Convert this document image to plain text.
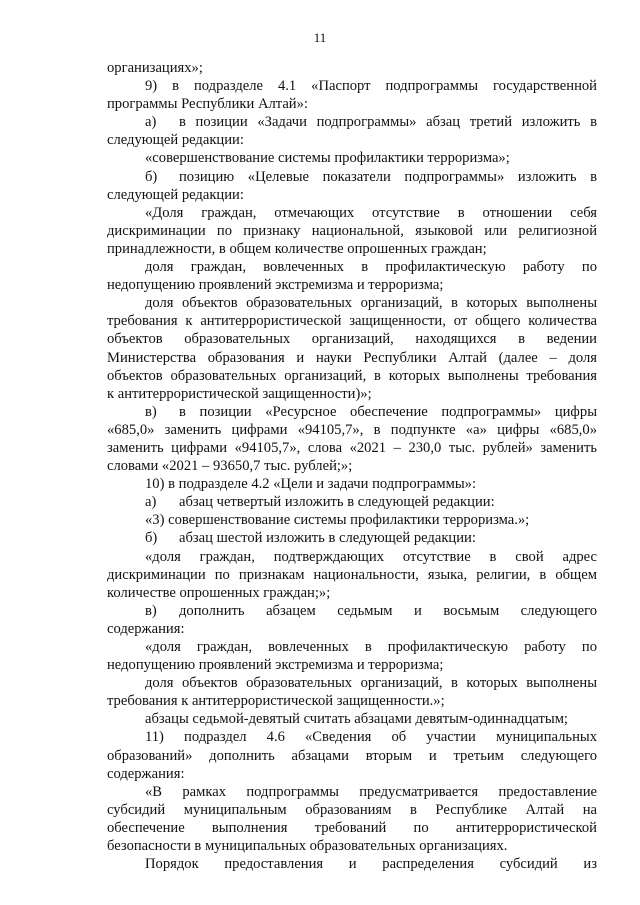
11
организациях»;
9) в подразделе 4.1 «Паспорт подпрограммы государственной
программы Республики Алтай»:
а)	в позиции «Задачи подпрограммы» абзац третий изложить в
следующей редакции:
«совершенствование системы профилактики терроризма»;
б)	позицию «Целевые показатели подпрограммы» изложить в
следующей редакции:
«Доля граждан, отмечающих отсутствие в отношении себя
дискриминации по признаку национальной, языковой или религиозной
принадлежности, в общем количестве опрошенных граждан;
доля граждан, вовлеченных в профилактическую работу по
недопущению проявлений экстремизма и терроризма;
доля объектов образовательных организаций, в которых выполнены
требования к антитеррористической защищенности, от общего количества
объектов образовательных организаций, находящихся в ведении
Министерства образования и науки Республики Алтай (далее – доля
объектов образовательных организаций, в которых выполнены требования
к антитеррористической защищенности)»;
в)	в позиции «Ресурсное обеспечение подпрограммы» цифры
«685,0» заменить цифрами «94105,7», в подпункте «а» цифры «685,0»
заменить цифрами «94105,7», слова «2021 – 230,0 тыс. рублей» заменить
словами «2021 – 93650,7 тыс. рублей;»;
10) в подразделе 4.2 «Цели и задачи подпрограммы»:
а)	абзац четвертый изложить в следующей редакции:
«3) совершенствование системы профилактики терроризма.»;
б)	абзац шестой изложить в следующей редакции:
«доля граждан, подтверждающих отсутствие в свой адрес
дискриминации по признакам национальности, языка, религии, в общем
количестве опрошенных граждан;»;
в)	дополнить абзацем седьмым и восьмым следующего
содержания:
«доля граждан, вовлеченных в профилактическую работу по
недопущению проявлений экстремизма и терроризма;
доля объектов образовательных организаций, в которых выполнены
требования к антитеррористической защищенности.»;
абзацы седьмой-девятый считать абзацами девятым-одиннадцатым;
11) подраздел 4.6 «Сведения об участии муниципальных
образований» дополнить абзацами вторым и третьим следующего
содержания:
«В рамках подпрограммы предусматривается предоставление
субсидий муниципальным образованиям в Республике Алтай на
обеспечение выполнения требований по антитеррористической
безопасности в муниципальных образовательных организациях.
Порядок предоставления и распределения субсидий из
